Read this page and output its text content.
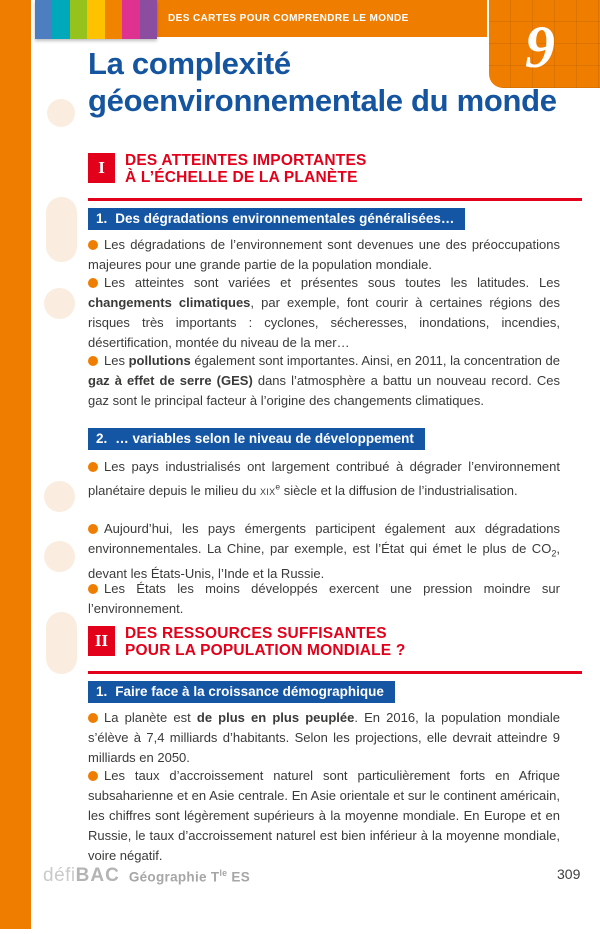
DES CARTES POUR COMPRENDRE LE MONDE 9
La complexité
géoenvironnementale du monde
I	DES ATTEINTES IMPORTANTES
À L’ÉCHELLE DE LA PLANÈTE
1. Des dégradations environnementales généralisées…

Les dégradations de l’environnement sont devenues une des préoccupations majeures pour une grande partie de la population mondiale.

Les atteintes sont variées et présentes sous toutes les latitudes. Les changements climatiques, par exemple, font courir à certaines régions des risques très importants : cyclones, sécheresses, inondations, incendies, désertification, montée du niveau de la mer…

Les pollutions également sont importantes. Ainsi, en 2011, la concentration de gaz à effet de serre (GES) dans l’atmosphère a battu un nouveau record. Ces gaz sont le principal facteur à l’origine des changements climatiques.

2. … variables selon le niveau de développement

Les pays industrialisés ont largement contribué à dégrader l’environnement planétaire depuis le milieu du xix$^e$ siècle et la diffusion de l’industrialisation.

Aujourd’hui, les pays émergents participent également aux dégradations environnementales. La Chine, par exemple, est l’État qui émet le plus de $CO_2$, devant les États-Unis, l’Inde et la Russie.

Les États les moins développés exercent une pression moindre sur l’environnement.

II	DES RESSOURCES SUFFISANTES
POUR LA POPULATION MONDIALE ?
1. Faire face à la croissance démographique

La planète est de plus en plus peuplée. En 2016, la population mondiale s’élève à 7,4 milliards d’habitants. Selon les projections, elle devrait atteindre 9 milliards en 2050.

Les taux d’accroissement naturel sont particulièrement forts en Afrique subsaharienne et en Asie centrale. En Asie orientale et sur le continent américain, les chiffres sont légèrement supérieurs à la moyenne mondiale. En Europe et en Russie, le taux d’accroissement naturel est bien inférieur à la moyenne mondiale, voire négatif.

défi BAC Géographie $T^{le}$ ES	309
